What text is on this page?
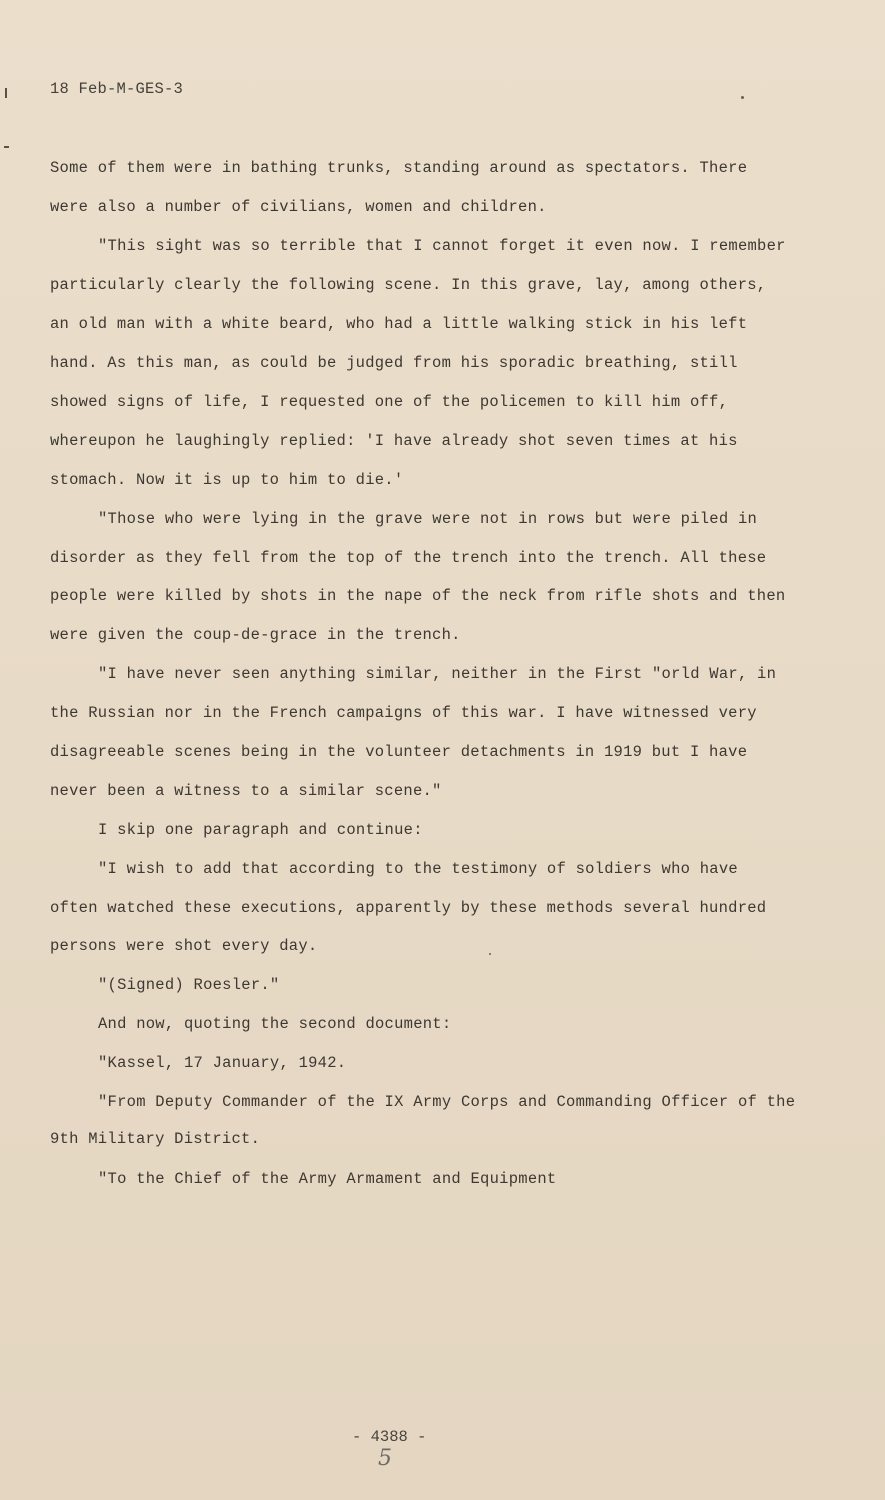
18 Feb-M-GES-3
Some of them were in bathing trunks, standing around as spectators. There
were also a number of civilians, women and children.
"This sight was so terrible that I cannot forget it even now. I remember
particularly clearly the following scene. In this grave, lay, among others,
an old man with a white beard, who had a little walking stick in his left
hand. As this man, as could be judged from his sporadic breathing, still
showed signs of life, I requested one of the policemen to kill him off,
whereupon he laughingly replied: 'I have already shot seven times at his
stomach. Now it is up to him to die.'
"Those who were lying in the grave were not in rows but were piled in
disorder as they fell from the top of the trench into the trench. All these
people were killed by shots in the nape of the neck from rifle shots and then
were given the coup-de-grace in the trench.
"I have never seen anything similar, neither in the First "orld War, in
the Russian nor in the French campaigns of this war. I have witnessed very
disagreeable scenes being in the volunteer detachments in 1919 but I have
never been a witness to a similar scene."
I skip one paragraph and continue:
"I wish to add that according to the testimony of soldiers who have
often watched these executions, apparently by these methods several hundred
persons were shot every day.
"(Signed) Roesler."
And now, quoting the second document:
"Kassel, 17 January, 1942.
"From Deputy Commander of the IX Army Corps and Commanding Officer of the
9th Military District.
"To the Chief of the Army Armament and Equipment
- 4388 -
5
